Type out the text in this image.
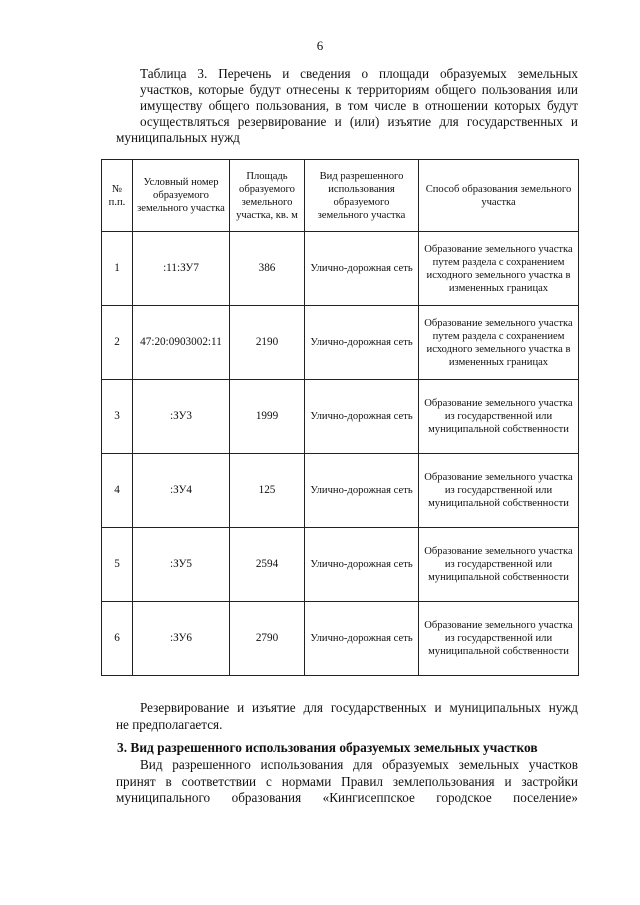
6
Таблица 3. Перечень и сведения о площади образуемых земельных
участков, которые будут отнесены к территориям общего пользования или
имуществу общего пользования, в том числе в отношении которых будут
осуществляться резервирование и (или) изъятие для государственных и
муниципальных нужд
№ п.п.	Условный номер образуемого земельного участка	Площадь образуемого земельного участка, кв. м	Вид разрешенного использования образуемого земельного участка	Способ образования земельного участка
1	:11:ЗУ7	386	Улично-дорожная сеть	Образование земельного участка путем раздела с сохранением исходного земельного участка в измененных границах
2	47:20:0903002:11	2190	Улично-дорожная сеть	Образование земельного участка путем раздела с сохранением исходного земельного участка в измененных границах
3	:ЗУ3	1999	Улично-дорожная сеть	Образование земельного участка из государственной или муниципальной собственности
4	:ЗУ4	125	Улично-дорожная сеть	Образование земельного участка из государственной или муниципальной собственности
5	:ЗУ5	2594	Улично-дорожная сеть	Образование земельного участка из государственной или муниципальной собственности
6	:ЗУ6	2790	Улично-дорожная сеть	Образование земельного участка из государственной или муниципальной собственности
Резервирование и изъятие для государственных и муниципальных нужд
не предполагается.
3. Вид разрешенного использования образуемых земельных участков
Вид разрешенного использования для образуемых земельных участков
принят в соответствии с нормами Правил землепользования и застройки
муниципального образования «Кингисеппское городское поселение»
